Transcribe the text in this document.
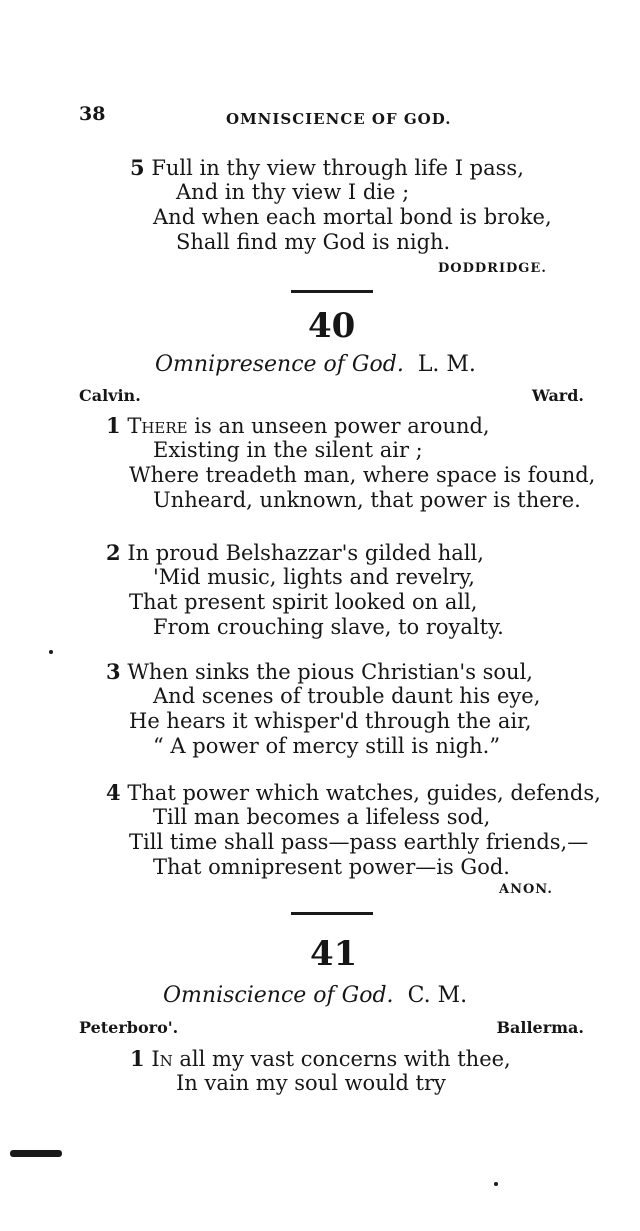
38	OMNISCIENCE OF GOD.
5 Full in thy view through life I pass,
And in thy view I die ;
And when each mortal bond is broke,
Shall find my God is nigh.
DODDRIDGE.
40
Omnipresence of God. L. M.
Calvin.	Ward.
1 There is an unseen power around,
Existing in the silent air ;
Where treadeth man, where space is found,
Unheard, unknown, that power is there.
2 In proud Belshazzar's gilded hall,
'Mid music, lights and revelry,
That present spirit looked on all,
From crouching slave, to royalty.
3 When sinks the pious Christian's soul,
And scenes of trouble daunt his eye,
He hears it whisper'd through the air,
“ A power of mercy still is nigh.”
4 That power which watches, guides, defends,
Till man becomes a lifeless sod,
Till time shall pass—pass earthly friends,—
That omnipresent power—is God.
ANON.
41
Omniscience of God. C. M.
Peterboro'.	Ballerma.
1 In all my vast concerns with thee,
In vain my soul would try
